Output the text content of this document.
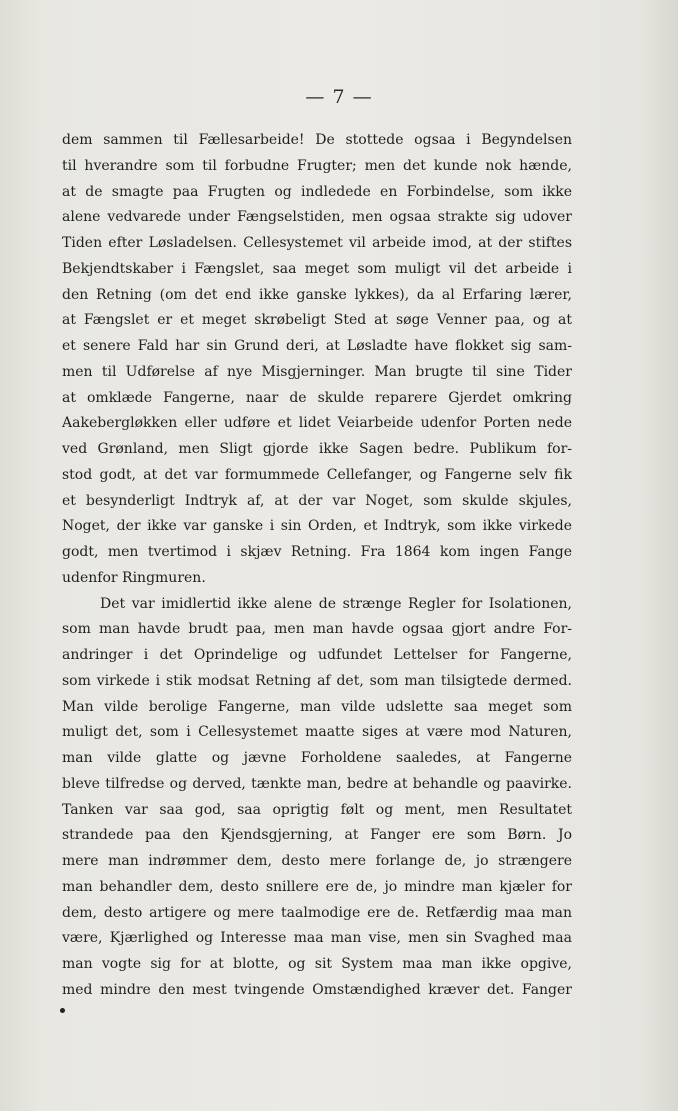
— 7 —
dem sammen til Fællesarbeide! De stottede ogsaa i Begyndelsen
til hverandre som til forbudne Frugter; men det kunde nok hænde,
at de smagte paa Frugten og indledede en Forbindelse, som ikke
alene vedvarede under Fængselstiden, men ogsaa strakte sig udover
Tiden efter Løsladelsen. Cellesystemet vil arbeide imod, at der stiftes
Bekjendtskaber i Fængslet, saa meget som muligt vil det arbeide i
den Retning (om det end ikke ganske lykkes), da al Erfaring lærer,
at Fængslet er et meget skrøbeligt Sted at søge Venner paa, og at
et senere Fald har sin Grund deri, at Løsladte have flokket sig sam-
men til Udførelse af nye Misgjerninger. Man brugte til sine Tider
at omklæde Fangerne, naar de skulde reparere Gjerdet omkring
Aakebergløkken eller udføre et lidet Veiarbeide udenfor Porten nede
ved Grønland, men Sligt gjorde ikke Sagen bedre. Publikum for-
stod godt, at det var formummede Cellefanger, og Fangerne selv fik
et besynderligt Indtryk af, at der var Noget, som skulde skjules,
Noget, der ikke var ganske i sin Orden, et Indtryk, som ikke virkede
godt, men tvertimod i skjæv Retning. Fra 1864 kom ingen Fange
udenfor Ringmuren.
Det var imidlertid ikke alene de strænge Regler for Isolationen,
som man havde brudt paa, men man havde ogsaa gjort andre For-
andringer i det Oprindelige og udfundet Lettelser for Fangerne,
som virkede i stik modsat Retning af det, som man tilsigtede dermed.
Man vilde berolige Fangerne, man vilde udslette saa meget som
muligt det, som i Cellesystemet maatte siges at være mod Naturen,
man vilde glatte og jævne Forholdene saaledes, at Fangerne
bleve tilfredse og derved, tænkte man, bedre at behandle og paavirke.
Tanken var saa god, saa oprigtig følt og ment, men Resultatet
strandede paa den Kjendsgjerning, at Fanger ere som Børn. Jo
mere man indrømmer dem, desto mere forlange de, jo strængere
man behandler dem, desto snillere ere de, jo mindre man kjæler for
dem, desto artigere og mere taalmodige ere de. Retfærdig maa man
være, Kjærlighed og Interesse maa man vise, men sin Svaghed maa
man vogte sig for at blotte, og sit System maa man ikke opgive,
med mindre den mest tvingende Omstændighed kræver det. Fanger
